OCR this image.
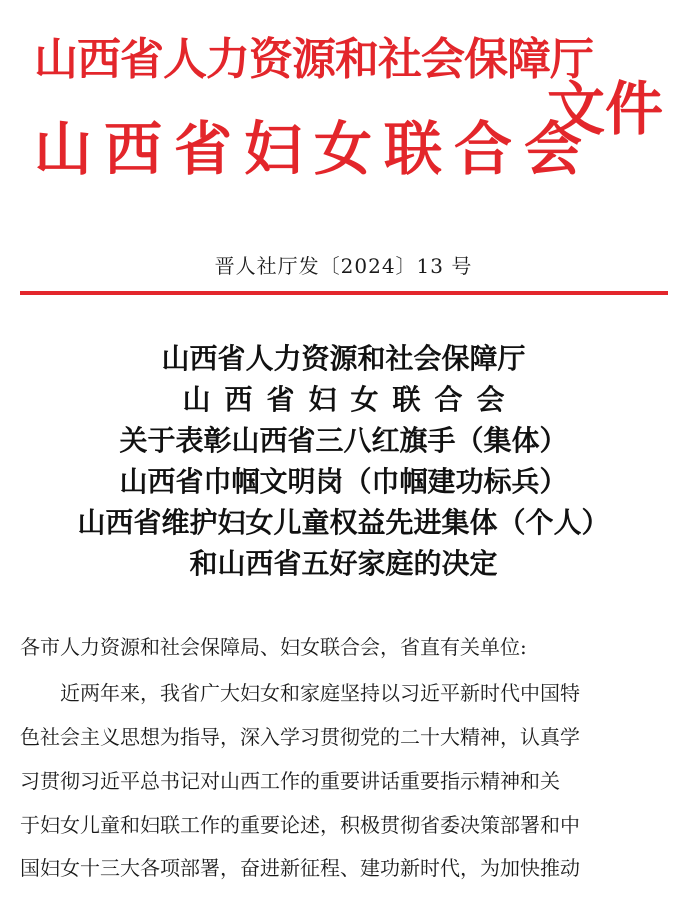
山西省人力资源和社会保障厅
山西省妇女联合会
文件
晋人社厅发〔2024〕13 号
山西省人力资源和社会保障厅
山西省妇女联合会
关于表彰山西省三八红旗手（集体）
山西省巾帼文明岗（巾帼建功标兵）
山西省维护妇女儿童权益先进集体（个人）
和山西省五好家庭的决定
各市人力资源和社会保障局、妇女联合会，省直有关单位:
近两年来，我省广大妇女和家庭坚持以习近平新时代中国特
色社会主义思想为指导，深入学习贯彻党的二十大精神，认真学
习贯彻习近平总书记对山西工作的重要讲话重要指示精神和关
于妇女儿童和妇联工作的重要论述，积极贯彻省委决策部署和中
国妇女十三大各项部署，奋进新征程、建功新时代，为加快推动
